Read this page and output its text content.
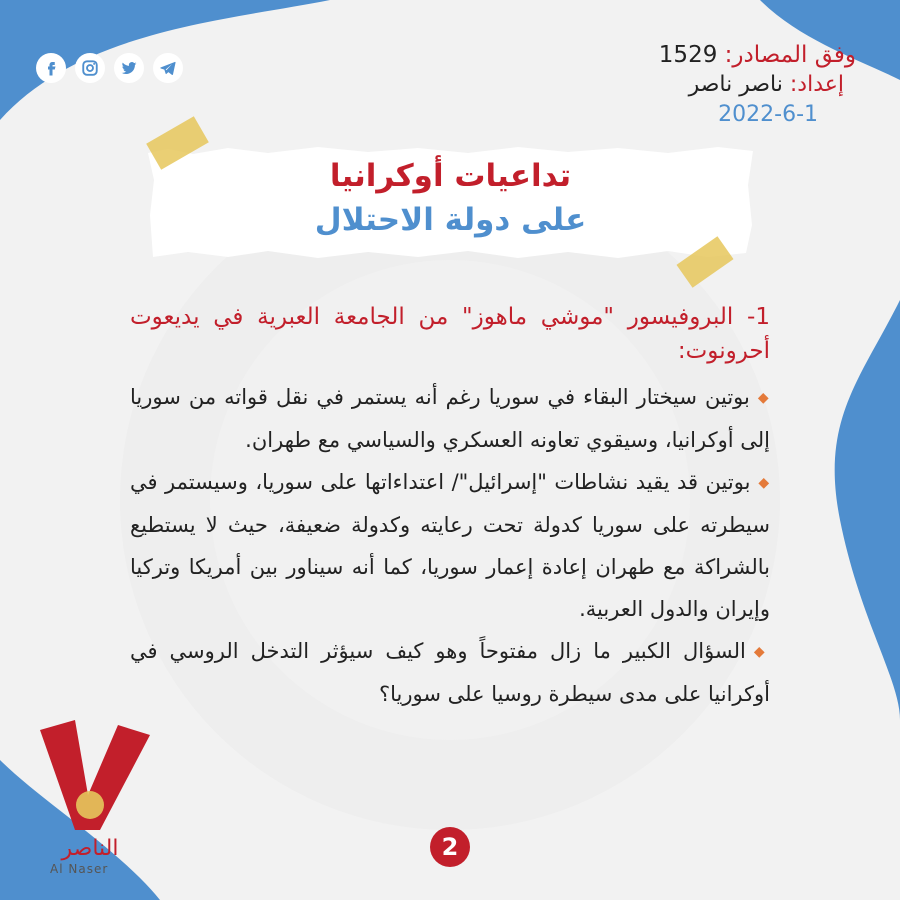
وفق المصادر: 1529
إعداد: ناصر ناصر
2022-6-1
تداعيات أوكرانيا
على دولة الاحتلال

1- البروفيسور "موشي ماهوز" من الجامعة العبرية في يديعوت أحرونوت:

◆بوتين سيختار البقاء في سوريا رغم أنه يستمر في نقل قواته من سوريا إلى أوكرانيا، وسيقوي تعاونه العسكري والسياسي مع طهران.

◆بوتين قد يقيد نشاطات "إسرائيل"/ اعتداءاتها على سوريا، وسيستمر في سيطرته على سوريا كدولة تحت رعايته وكدولة ضعيفة، حيث لا يستطيع بالشراكة مع طهران إعادة إعمار سوريا، كما أنه سيناور بين أمريكا وتركيا وإيران والدول العربية.

◆السؤال الكبير ما زال مفتوحاً وهو كيف سيؤثر التدخل الروسي في أوكرانيا على مدى سيطرة روسيا على سوريا؟

الناصر
Al Naser
2
